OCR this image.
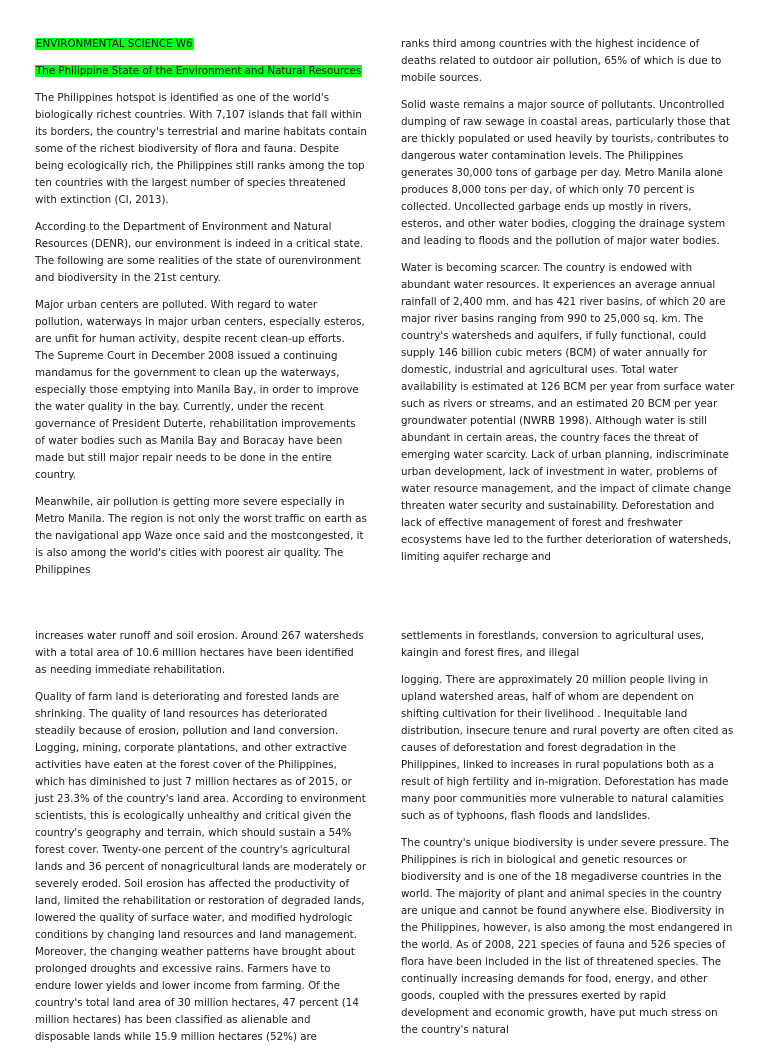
ENVIRONMENTAL SCIENCE W6
The Philippine State of the Environment and Natural Resources

The Philippines hotspot is identified as one of the world's biologically richest countries. With 7,107 islands that fall within its borders, the country's terrestrial and marine habitats contain some of the richest biodiversity of flora and fauna. Despite being ecologically rich, the Philippines still ranks among the top ten countries with the largest number of species threatened with extinction (CI, 2013).

According to the Department of Environment and Natural Resources (DENR), our environment is indeed in a critical state. The following are some realities of the state of ourenvironment and biodiversity in the 21st century.

Major urban centers are polluted. With regard to water pollution, waterways in major urban centers, especially esteros, are unfit for human activity, despite recent clean-up efforts. The Supreme Court in December 2008 issued a continuing mandamus for the government to clean up the waterways, especially those emptying into Manila Bay, in order to improve the water quality in the bay. Currently, under the recent governance of President Duterte, rehabilitation improvements of water bodies such as Manila Bay and Boracay have been made but still major repair needs to be done in the entire country.

Meanwhile, air pollution is getting more severe especially in Metro Manila. The region is not only the worst traffic on earth as the navigational app Waze once said and the mostcongested, it is also among the world's cities with poorest air quality. The Philippines

ranks third among countries with the highest incidence of deaths related to outdoor air pollution, 65% of which is due to mobile sources.

Solid waste remains a major source of pollutants. Uncontrolled dumping of raw sewage in coastal areas, particularly those that are thickly populated or used heavily by tourists, contributes to dangerous water contamination levels. The Philippines generates 30,000 tons of garbage per day. Metro Manila alone produces 8,000 tons per day, of which only 70 percent is collected. Uncollected garbage ends up mostly in rivers, esteros, and other water bodies, clogging the drainage system and leading to floods and the pollution of major water bodies.

Water is becoming scarcer. The country is endowed with abundant water resources. It experiences an average annual rainfall of 2,400 mm. and has 421 river basins, of which 20 are major river basins ranging from 990 to 25,000 sq. km. The country's watersheds and aquifers, if fully functional, could supply 146 billion cubic meters (BCM) of water annually for domestic, industrial and agricultural uses. Total water availability is estimated at 126 BCM per year from surface water such as rivers or streams, and an estimated 20 BCM per year groundwater potential (NWRB 1998). Although water is still abundant in certain areas, the country faces the threat of emerging water scarcity. Lack of urban planning, indiscriminate urban development, lack of investment in water, problems of water resource management, and the impact of climate change threaten water security and sustainability. Deforestation and lack of effective management of forest and freshwater ecosystems have led to the further deterioration of watersheds, limiting aquifer recharge and

increases water runoff and soil erosion. Around 267 watersheds with a total area of 10.6 million hectares have been identified as needing immediate rehabilitation.

Quality of farm land is deteriorating and forested lands are shrinking. The quality of land resources has deteriorated steadily because of erosion, pollution and land conversion. Logging, mining, corporate plantations, and other extractive activities have eaten at the forest cover of the Philippines, which has diminished to just 7 million hectares as of 2015, or just 23.3% of the country's land area. According to environment scientists, this is ecologically unhealthy and critical given the country's geography and terrain, which should sustain a 54% forest cover. Twenty-one percent of the country's agricultural lands and 36 percent of nonagricultural lands are moderately or severely eroded. Soil erosion has affected the productivity of land, limited the rehabilitation or restoration of degraded lands, lowered the quality of surface water, and modified hydrologic conditions by changing land resources and land management. Moreover, the changing weather patterns have brought about prolonged droughts and excessive rains. Farmers have to endure lower yields and lower income from farming. Of the country's total land area of 30 million hectares, 47 percent (14 million hectares) has been classified as alienable and disposable lands while 15.9 million hectares (52%) are

settlements in forestlands, conversion to agricultural uses, kaingin and forest fires, and illegal

logging. There are approximately 20 million people living in upland watershed areas, half of whom are dependent on shifting cultivation for their livelihood . Inequitable land distribution, insecure tenure and rural poverty are often cited as causes of deforestation and forest degradation in the Philippines, linked to increases in rural populations both as a result of high fertility and in-migration. Deforestation has made many poor communities more vulnerable to natural calamities such as of typhoons, flash floods and landslides.

The country's unique biodiversity is under severe pressure. The Philippines is rich in biological and genetic resources or biodiversity and is one of the 18 megadiverse countries in the world. The majority of plant and animal species in the country are unique and cannot be found anywhere else. Biodiversity in the Philippines, however, is also among the most endangered in the world. As of 2008, 221 species of fauna and 526 species of flora have been included in the list of threatened species. The continually increasing demands for food, energy, and other goods, coupled with the pressures exerted by rapid development and economic growth, have put much stress on the country's natural
